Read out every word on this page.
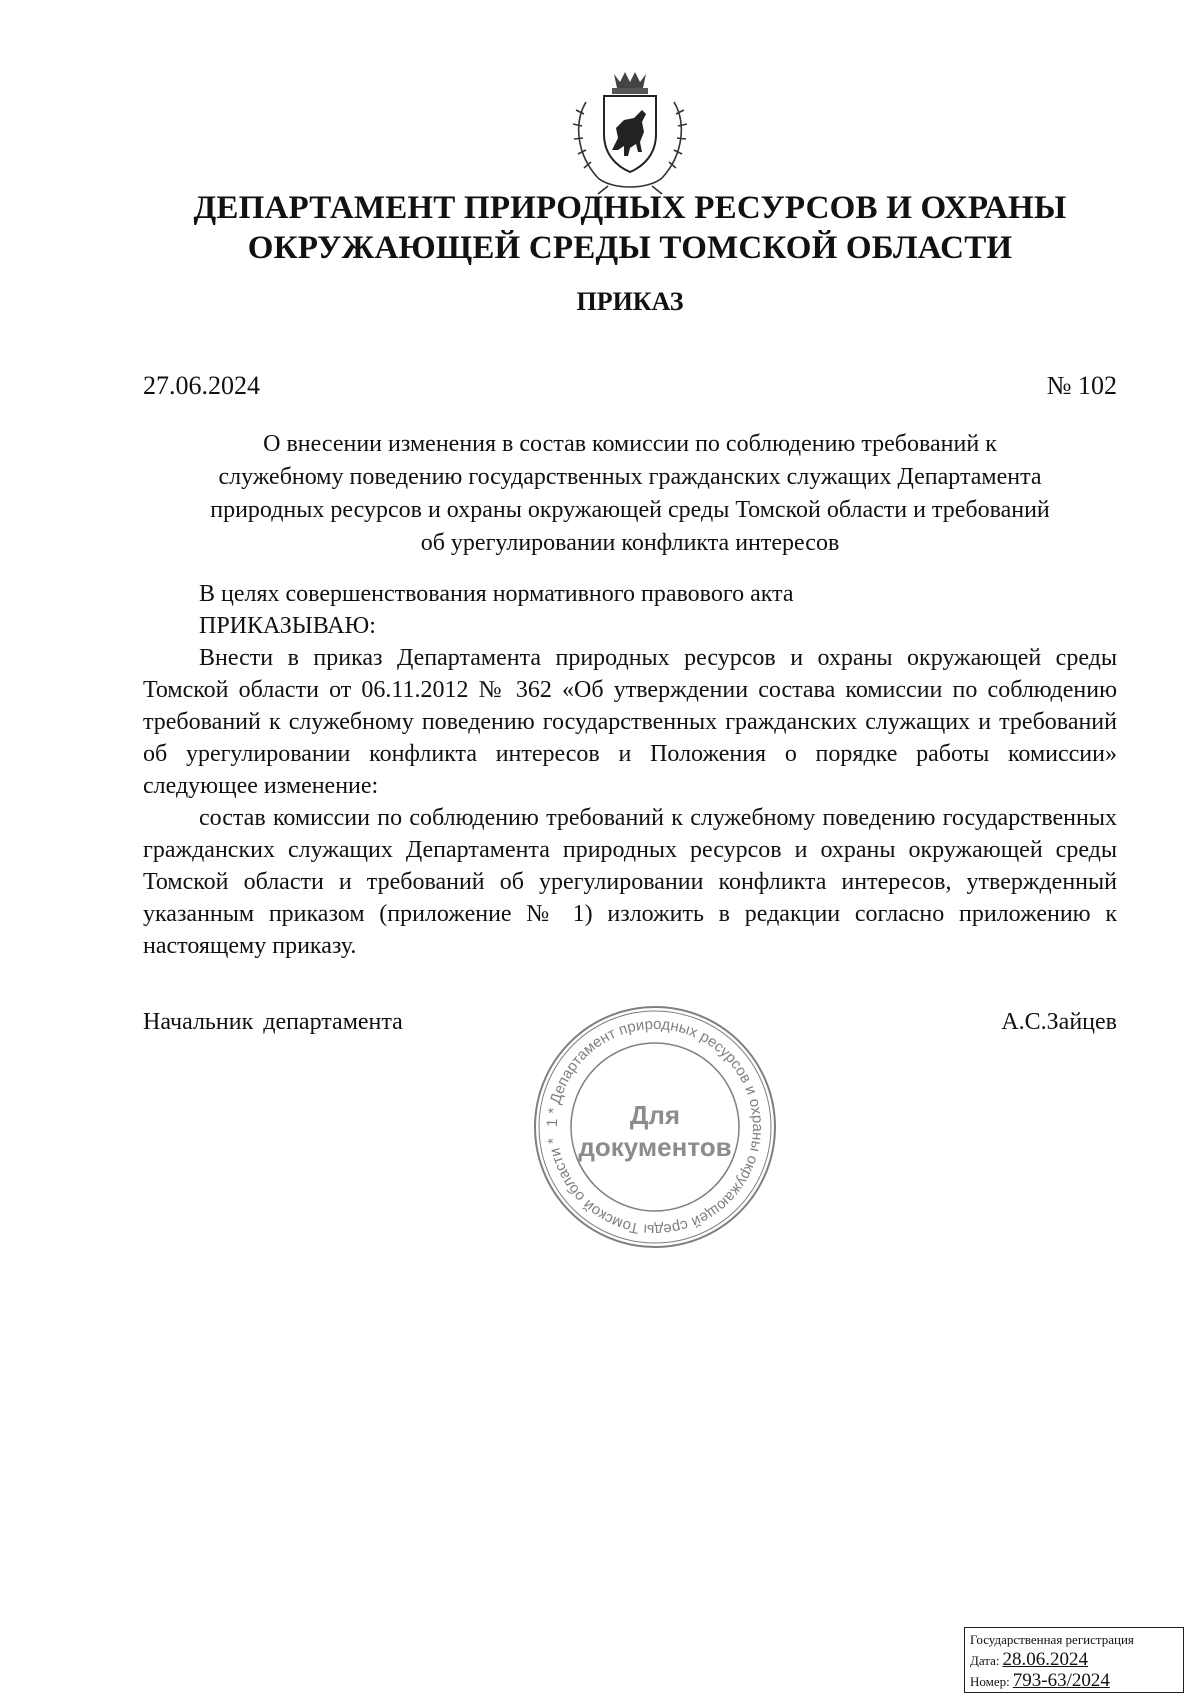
ДЕПАРТАМЕНТ ПРИРОДНЫХ РЕСУРСОВ И ОХРАНЫ ОКРУЖАЮЩЕЙ СРЕДЫ ТОМСКОЙ ОБЛАСТИ
ПРИКАЗ
27.06.2024	№ 102
О внесении изменения в состав комиссии по соблюдению требований к
служебному поведению государственных гражданских служащих Департамента
природных ресурсов и охраны окружающей среды Томской области и требований
об урегулировании конфликта интересов
В целях совершенствования нормативного правового акта
ПРИКАЗЫВАЮ:
Внести в приказ Департамента природных ресурсов и охраны окружающей среды Томской области от 06.11.2012 № 362 «Об утверждении состава комиссии по соблюдению требований к служебному поведению государственных гражданских служащих и требований об урегулировании конфликта интересов и Положения о порядке работы комиссии» следующее изменение:
состав комиссии по соблюдению требований к служебному поведению государственных гражданских служащих Департамента природных ресурсов и охраны окружающей среды Томской области и требований об урегулировании конфликта интересов, утвержденный указанным приказом (приложение № 1) изложить в редакции согласно приложению к настоящему приказу.
Начальник департамента	А.С.Зайцев
1 * Департамент природных ресурсов и охраны окружающей среды Томской области *
Для
документов
Государственная регистрация
Дата: 28.06.2024
Номер: 793-63/2024
